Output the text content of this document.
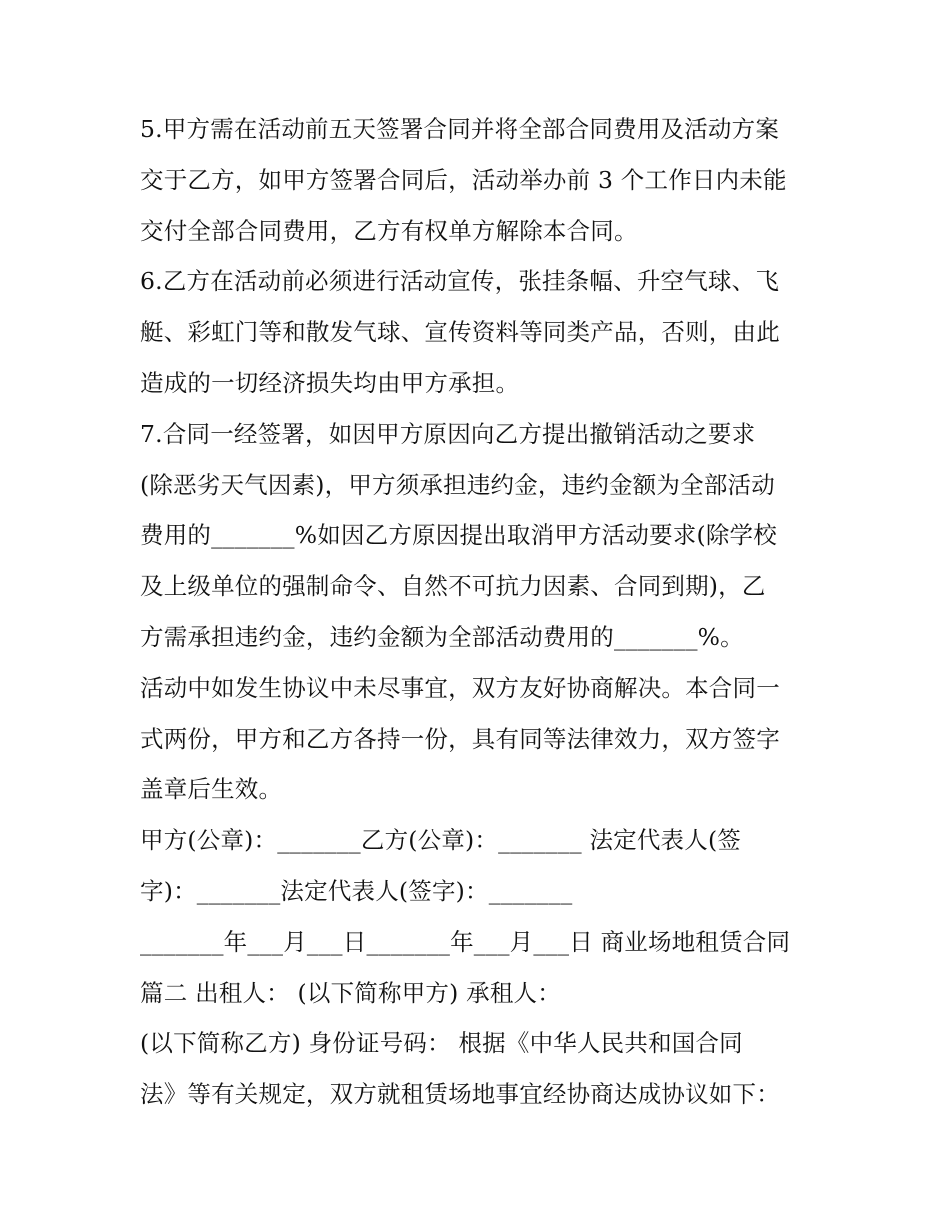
5.甲方需在活动前五天签署合同并将全部合同费用及活动方案
交于乙方，如甲方签署合同后，活动举办前 3 个工作日内未能
交付全部合同费用，乙方有权单方解除本合同。
6.乙方在活动前必须进行活动宣传，张挂条幅、升空气球、飞
艇、彩虹门等和散发气球、宣传资料等同类产品，否则，由此
造成的一切经济损失均由甲方承担。
7.合同一经签署，如因甲方原因向乙方提出撤销活动之要求
(除恶劣天气因素)，甲方须承担违约金，违约金额为全部活动
费用的_______%如因乙方原因提出取消甲方活动要求(除学校
及上级单位的强制命令、自然不可抗力因素、合同到期)，乙
方需承担违约金，违约金额为全部活动费用的_______%。
活动中如发生协议中未尽事宜，双方友好协商解决。本合同一
式两份，甲方和乙方各持一份，具有同等法律效力，双方签字
盖章后生效。
甲方(公章)：_______乙方(公章)：_______ 法定代表人(签
字)：_______法定代表人(签字)：_______
_______年___月___日_______年___月___日 商业场地租赁合同
篇二 出租人： (以下简称甲方) 承租人：
(以下简称乙方) 身份证号码： 根据《中华人民共和国合同
法》等有关规定，双方就租赁场地事宜经协商达成协议如下：
